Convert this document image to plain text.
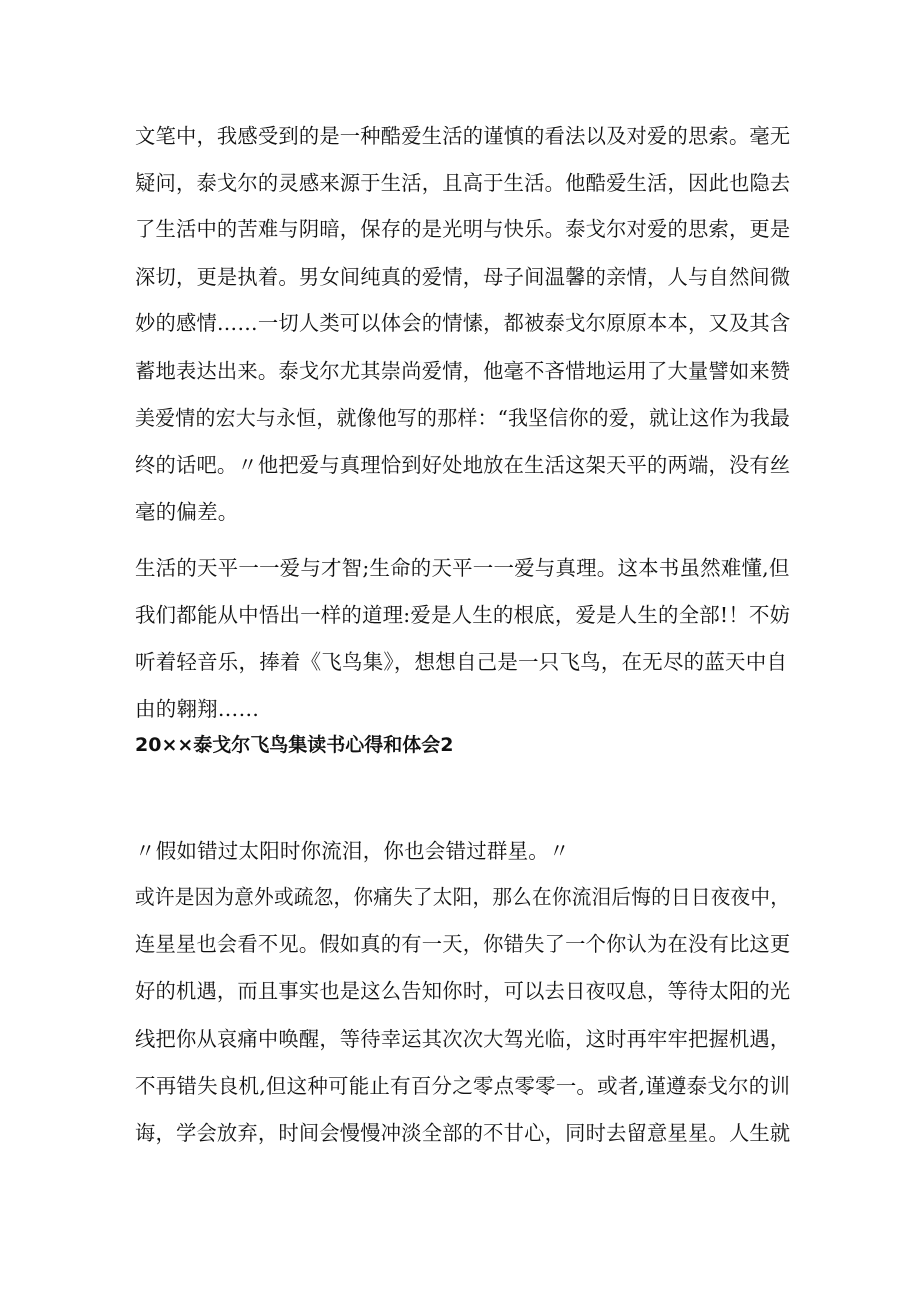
文笔中，我感受到的是一种酷爱生活的谨慎的看法以及对爱的思索。毫无
疑问，泰戈尔的灵感来源于生活，且高于生活。他酷爱生活，因此也隐去
了生活中的苦难与阴暗，保存的是光明与快乐。泰戈尔对爱的思索，更是
深切，更是执着。男女间纯真的爱情，母子间温馨的亲情，人与自然间微
妙的感情……一切人类可以体会的情愫，都被泰戈尔原原本本，又及其含
蓄地表达出来。泰戈尔尤其崇尚爱情，他毫不吝惜地运用了大量譬如来赞
美爱情的宏大与永恒，就像他写的那样：“我坚信你的爱，就让这作为我最
终的话吧。〃他把爱与真理恰到好处地放在生活这架天平的两端，没有丝
毫的偏差。
生活的天平一一爱与才智;生命的天平一一爱与真理。这本书虽然难懂,但
我们都能从中悟出一样的道理:爱是人生的根底，爱是人生的全部!！不妨
听着轻音乐，捧着《飞鸟集》，想想自己是一只飞鸟，在无尽的蓝天中自
由的翱翔……
20××泰戈尔飞鸟集读书心得和体会2
〃假如错过太阳时你流泪，你也会错过群星。〃
或许是因为意外或疏忽，你痛失了太阳，那么在你流泪后悔的日日夜夜中，
连星星也会看不见。假如真的有一天，你错失了一个你认为在没有比这更
好的机遇，而且事实也是这么告知你时，可以去日夜叹息，等待太阳的光
线把你从哀痛中唤醒，等待幸运其次次大驾光临，这时再牢牢把握机遇，
不再错失良机,但这种可能止有百分之零点零零一。或者,谨遵泰戈尔的训
诲，学会放弃，时间会慢慢冲淡全部的不甘心，同时去留意星星。人生就
